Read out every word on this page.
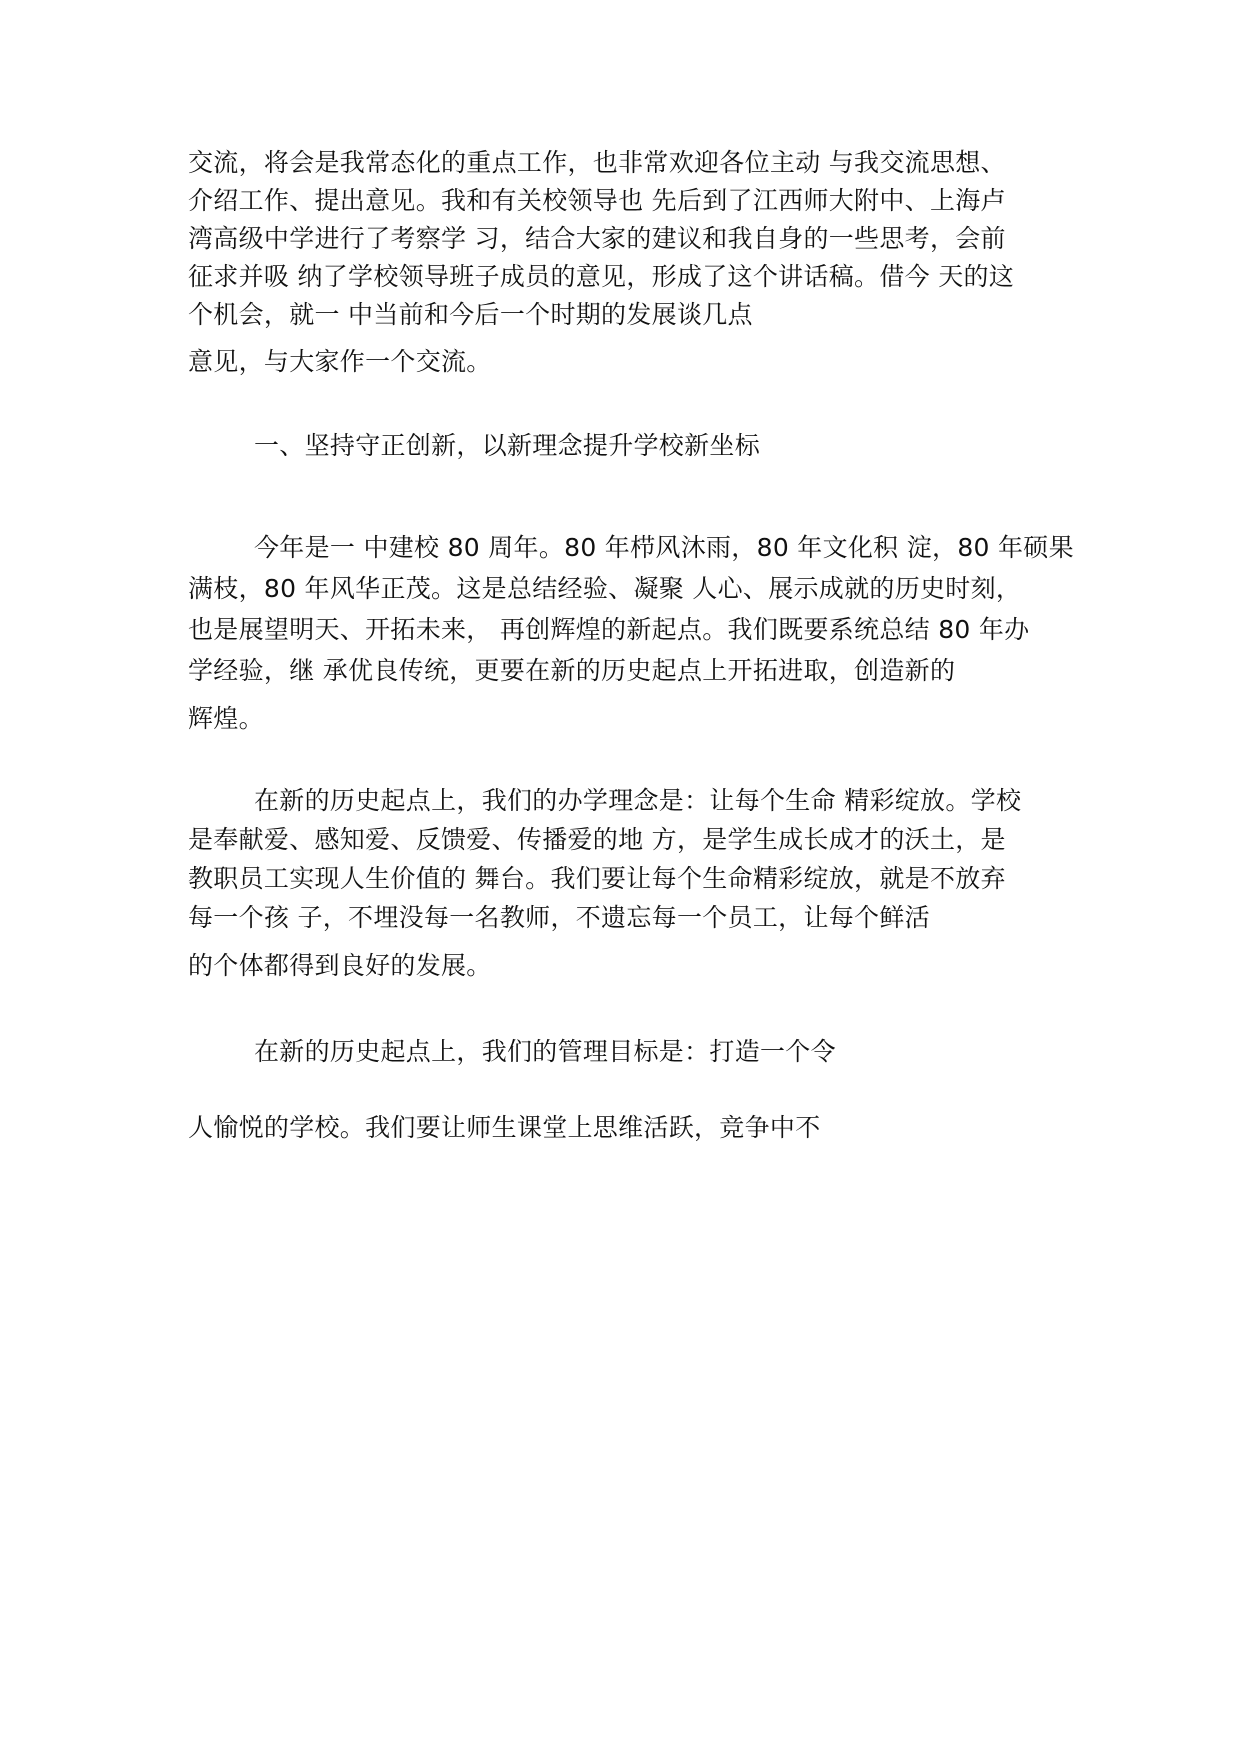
交流，将会是我常态化的重点工作，也非常欢迎各位主动 与我交流思想、
介绍工作、提出意见。我和有关校领导也 先后到了江西师大附中、上海卢
湾高级中学进行了考察学 习，结合大家的建议和我自身的一些思考，会前
征求并吸 纳了学校领导班子成员的意见，形成了这个讲话稿。借今 天的这
个机会，就一 中当前和今后一个时期的发展谈几点
意见，与大家作一个交流。
一、坚持守正创新，以新理念提升学校新坐标
今年是一 中建校 80 周年。80 年栉风沐雨，80 年文化积 淀，80 年硕果
满枝，80 年风华正茂。这是总结经验、凝聚 人心、展示成就的历史时刻，
也是展望明天、开拓未来， 再创辉煌的新起点。我们既要系统总结 80 年办
学经验，继 承优良传统，更要在新的历史起点上开拓进取，创造新的
辉煌。
在新的历史起点上，我们的办学理念是：让每个生命 精彩绽放。学校
是奉献爱、感知爱、反馈爱、传播爱的地 方，是学生成长成才的沃土，是
教职员工实现人生价值的 舞台。我们要让每个生命精彩绽放，就是不放弃
每一个孩 子，不埋没每一名教师，不遗忘每一个员工，让每个鲜活
的个体都得到良好的发展。
在新的历史起点上，我们的管理目标是：打造一个令
人愉悦的学校。我们要让师生课堂上思维活跃，竞争中不
